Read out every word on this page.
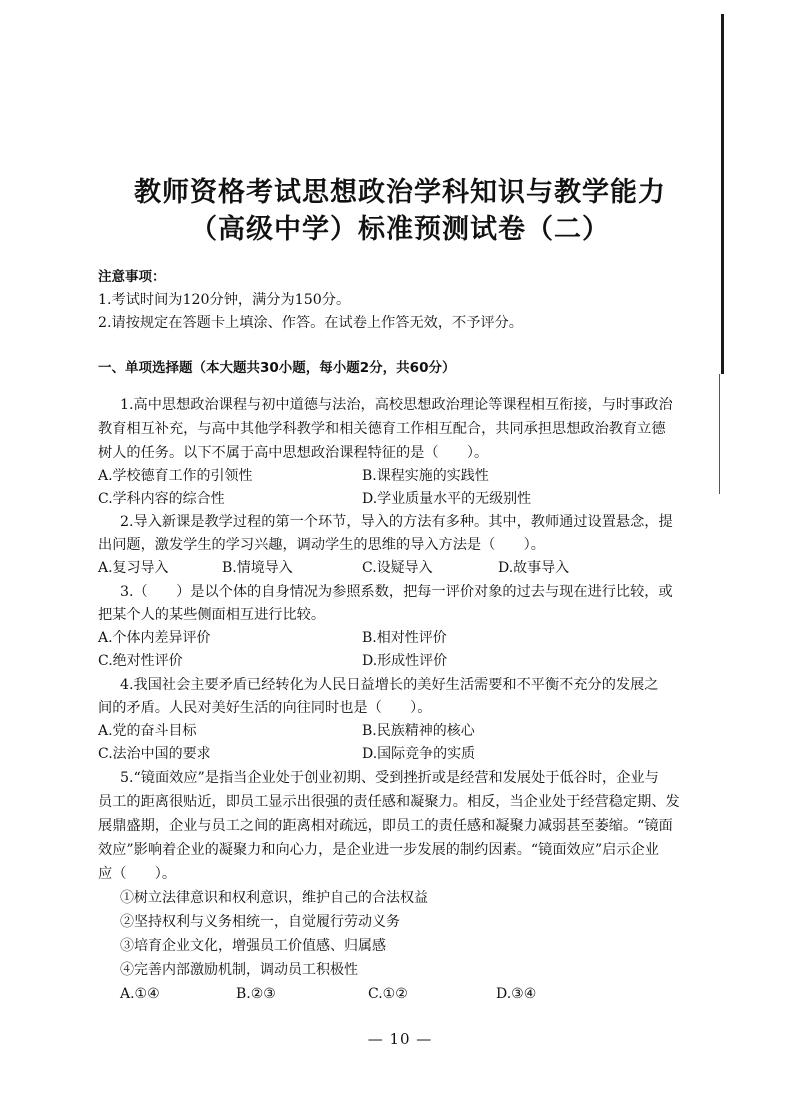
教师资格考试思想政治学科知识与教学能力
（高级中学）标准预测试卷（二）
注意事项：
1.考试时间为120分钟，满分为150分。
2.请按规定在答题卡上填涂、作答。在试卷上作答无效，不予评分。
一、单项选择题（本大题共30小题，每小题2分，共60分）
1.高中思想政治课程与初中道德与法治，高校思想政治理论等课程相互衔接，与时事政治
教育相互补充，与高中其他学科教学和相关德育工作相互配合，共同承担思想政治教育立德
树人的任务。以下不属于高中思想政治课程特征的是（　　）。
A.学校德育工作的引领性	B.课程实施的实践性
C.学科内容的综合性	D.学业质量水平的无级别性
2.导入新课是教学过程的第一个环节，导入的方法有多种。其中，教师通过设置悬念，提
出问题，激发学生的学习兴趣，调动学生的思维的导入方法是（　　）。
A.复习导入	B.情境导入	C.设疑导入	D.故事导入
3.（　　）是以个体的自身情况为参照系数，把每一评价对象的过去与现在进行比较，或
把某个人的某些侧面相互进行比较。
A.个体内差异评价	B.相对性评价
C.绝对性评价	D.形成性评价
4.我国社会主要矛盾已经转化为人民日益增长的美好生活需要和不平衡不充分的发展之
间的矛盾。人民对美好生活的向往同时也是（　　）。
A.党的奋斗目标	B.民族精神的核心
C.法治中国的要求	D.国际竞争的实质
5.“镜面效应”是指当企业处于创业初期、受到挫折或是经营和发展处于低谷时，企业与
员工的距离很贴近，即员工显示出很强的责任感和凝聚力。相反，当企业处于经营稳定期、发
展鼎盛期，企业与员工之间的距离相对疏远，即员工的责任感和凝聚力减弱甚至萎缩。“镜面
效应”影响着企业的凝聚力和向心力，是企业进一步发展的制约因素。“镜面效应”启示企业
应（　　）。
①树立法律意识和权利意识，维护自己的合法权益
②坚持权利与义务相统一，自觉履行劳动义务
③培育企业文化，增强员工价值感、归属感
④完善内部激励机制，调动员工积极性
A.①④	B.②③	C.①②	D.③④
— 10 —
